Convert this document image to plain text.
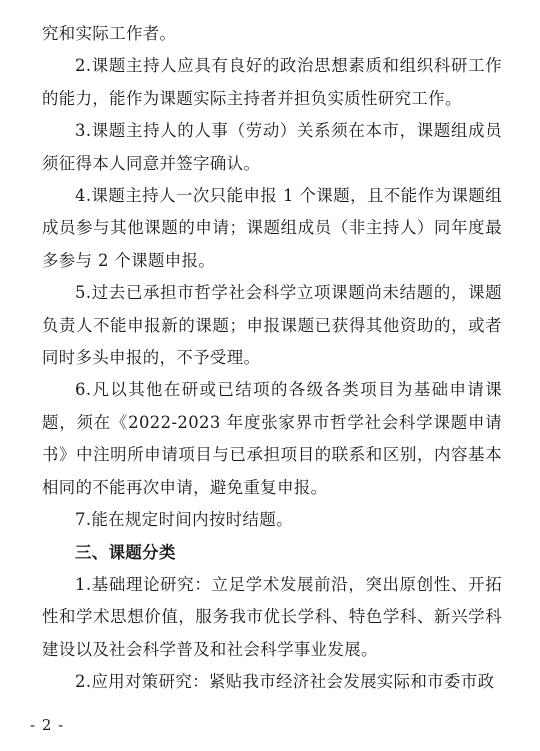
究和实际工作者。

2.课题主持人应具有良好的政治思想素质和组织科研工作的能力，能作为课题实际主持者并担负实质性研究工作。

3.课题主持人的人事（劳动）关系须在本市，课题组成员须征得本人同意并签字确认。

4.课题主持人一次只能申报 1 个课题，且不能作为课题组成员参与其他课题的申请；课题组成员（非主持人）同年度最多参与 2 个课题申报。

5.过去已承担市哲学社会科学立项课题尚未结题的，课题负责人不能申报新的课题；申报课题已获得其他资助的，或者同时多头申报的，不予受理。

6.凡以其他在研或已结项的各级各类项目为基础申请课题，须在《2022-2023 年度张家界市哲学社会科学课题申请书》中注明所申请项目与已承担项目的联系和区别，内容基本相同的不能再次申请，避免重复申报。

7.能在规定时间内按时结题。

三、课题分类

1.基础理论研究：立足学术发展前沿，突出原创性、开拓性和学术思想价值，服务我市优长学科、特色学科、新兴学科建设以及社会科学普及和社会科学事业发展。

2.应用对策研究：紧贴我市经济社会发展实际和市委市政

- 2 -
